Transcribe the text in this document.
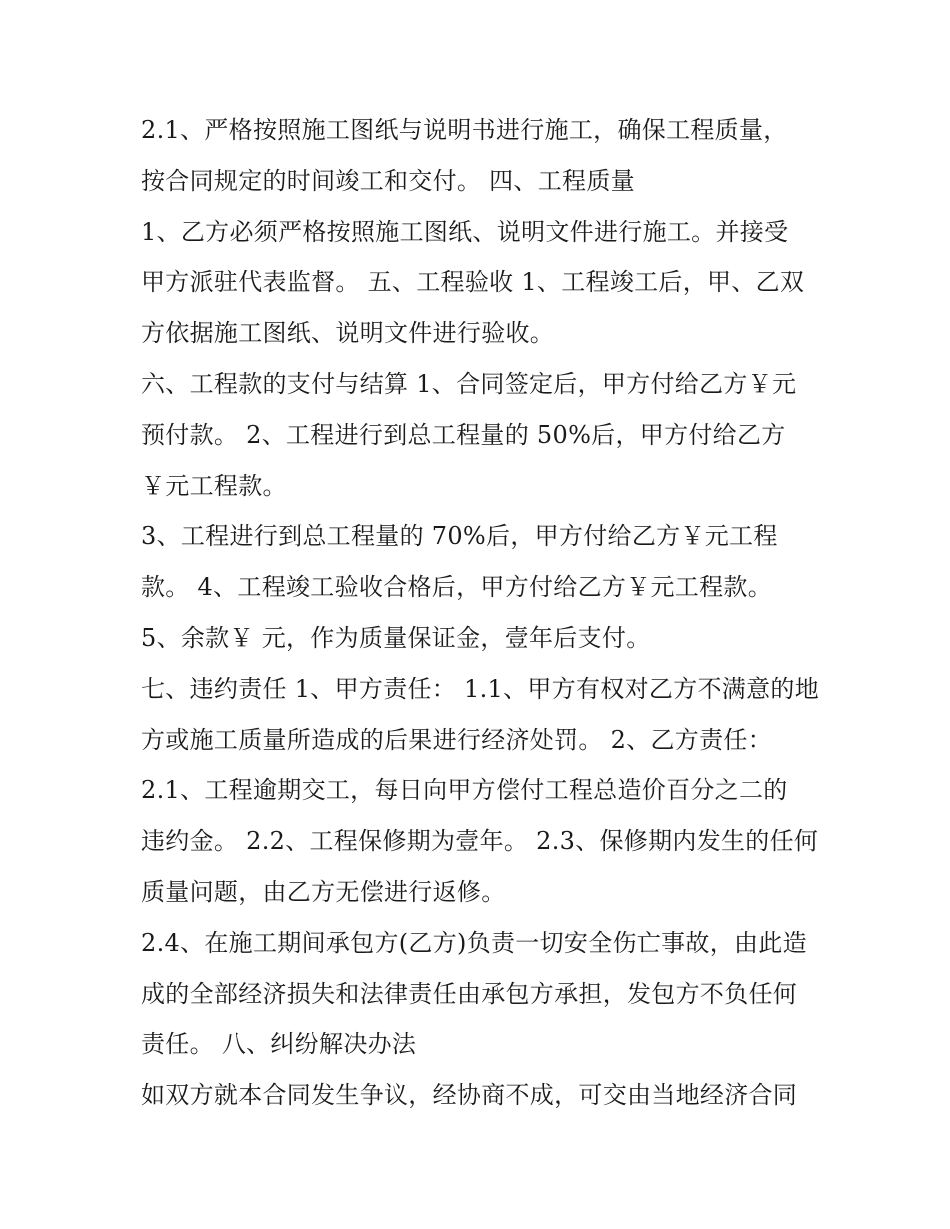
2.1、严格按照施工图纸与说明书进行施工，确保工程质量，
按合同规定的时间竣工和交付。 四、工程质量
1、乙方必须严格按照施工图纸、说明文件进行施工。并接受
甲方派驻代表监督。 五、工程验收 1、工程竣工后，甲、乙双
方依据施工图纸、说明文件进行验收。
六、工程款的支付与结算 1、合同签定后，甲方付给乙方￥元
预付款。 2、工程进行到总工程量的 50%后，甲方付给乙方
￥元工程款。
3、工程进行到总工程量的 70%后，甲方付给乙方￥元工程
款。 4、工程竣工验收合格后，甲方付给乙方￥元工程款。
5、余款￥ 元，作为质量保证金，壹年后支付。
七、违约责任 1、甲方责任： 1.1、甲方有权对乙方不满意的地
方或施工质量所造成的后果进行经济处罚。 2、乙方责任：
2.1、工程逾期交工，每日向甲方偿付工程总造价百分之二的
违约金。 2.2、工程保修期为壹年。 2.3、保修期内发生的任何
质量问题，由乙方无偿进行返修。
2.4、在施工期间承包方(乙方)负责一切安全伤亡事故，由此造
成的全部经济损失和法律责任由承包方承担，发包方不负任何
责任。 八、纠纷解决办法
如双方就本合同发生争议，经协商不成，可交由当地经济合同
